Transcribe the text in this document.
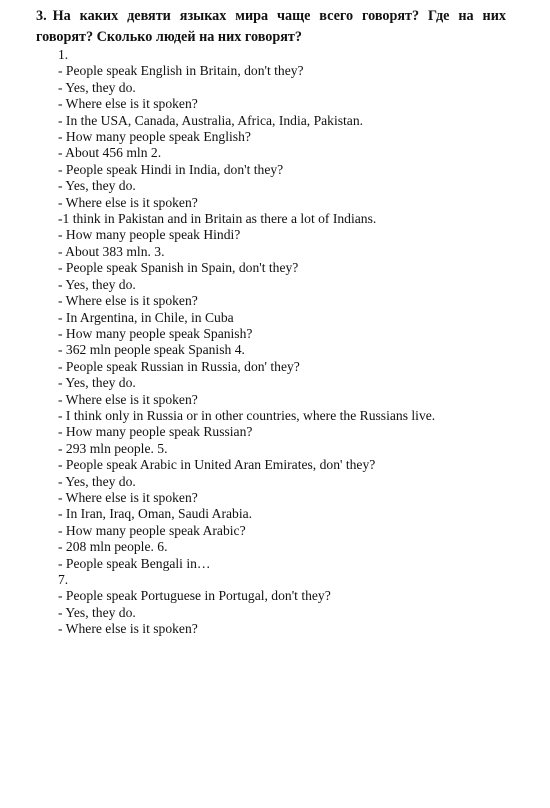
3. На каких девяти языках мира чаще всего говорят? Где на них говорят? Сколько людей на них говорят?

1.
- People speak English in Britain, don't they?
- Yes, they do.
- Where else is it spoken?
- In the USA, Canada, Australia, Africa, India, Pakistan.
- How many people speak English?
- About 456 mln 2.
- People speak Hindi in India, don't they?
- Yes, they do.
- Where else is it spoken?
-1 think in Pakistan and in Britain as there a lot of Indians.
- How many people speak Hindi?
- About 383 mln. 3.
- People speak Spanish in Spain, don't they?
- Yes, they do.
- Where else is it spoken?
- In Argentina, in Chile, in Cuba
- How many people speak Spanish?
- 362 mln people speak Spanish 4.
- People speak Russian in Russia, don' they?
- Yes, they do.
- Where else is it spoken?
- I think only in Russia or in other countries, where the Russians live.
- How many people speak Russian?
- 293 mln people. 5.
- People speak Arabic in United Aran Emirates, don' they?
- Yes, they do.
- Where else is it spoken?
- In Iran, Iraq, Oman, Saudi Arabia.
- How many people speak Arabic?
- 208 mln people. 6.
- People speak Bengali in…
7.
- People speak Portuguese in Portugal, don't they?
- Yes, they do.
- Where else is it spoken?
